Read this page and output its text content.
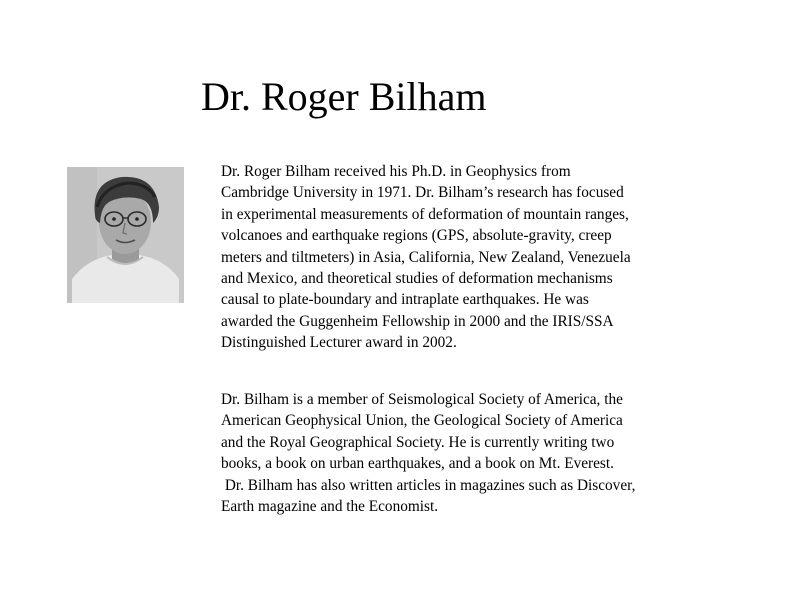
Dr. Roger Bilham

Dr. Roger Bilham received his Ph.D. in Geophysics from
Cambridge University in 1971. Dr. Bilham’s research has focused
in experimental measurements of deformation of mountain ranges,
volcanoes and earthquake regions (GPS, absolute-gravity, creep
meters and tiltmeters) in Asia, California, New Zealand, Venezuela
and Mexico, and theoretical studies of deformation mechanisms
causal to plate-boundary and intraplate earthquakes. He was
awarded the Guggenheim Fellowship in 2000 and the IRIS/SSA
Distinguished Lecturer award in 2002.

Dr. Bilham is a member of Seismological Society of America, the
American Geophysical Union, the Geological Society of America
and the Royal Geographical Society. He is currently writing two
books, a book on urban earthquakes, and a book on Mt. Everest.
Dr. Bilham has also written articles in magazines such as Discover,
Earth magazine and the Economist.
